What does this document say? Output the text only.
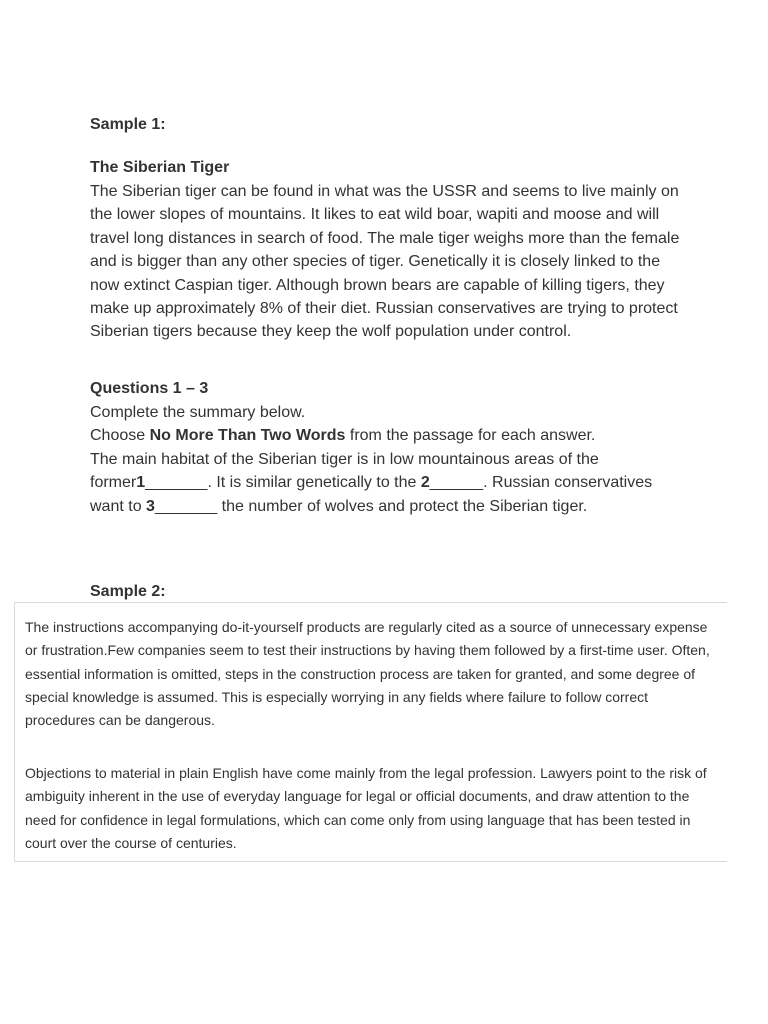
Sample 1:
The Siberian Tiger

The Siberian tiger can be found in what was the USSR and seems to live mainly on the lower slopes of mountains. It likes to eat wild boar, wapiti and moose and will travel long distances in search of food. The male tiger weighs more than the female and is bigger than any other species of tiger. Genetically it is closely linked to the now extinct Caspian tiger. Although brown bears are capable of killing tigers, they make up approximately 8% of their diet. Russian conservatives are trying to protect Siberian tigers because they keep the wolf population under control.

Questions 1 – 3

Complete the summary below.

Choose No More Than Two Words from the passage for each answer.

The main habitat of the Siberian tiger is in low mountainous areas of the former1_______. It is similar genetically to the 2______. Russian conservatives want to 3_______ the number of wolves and protect the Siberian tiger.

Sample 2:

The instructions accompanying do-it-yourself products are regularly cited as a source of unnecessary expense or frustration.Few companies seem to test their instructions by having them followed by a first-time user. Often, essential information is omitted, steps in the construction process are taken for granted, and some degree of special knowledge is assumed. This is especially worrying in any fields where failure to follow correct procedures can be dangerous.

Objections to material in plain English have come mainly from the legal profession. Lawyers point to the risk of ambiguity inherent in the use of everyday language for legal or official documents, and draw attention to the need for confidence in legal formulations, which can come only from using language that has been tested in court over the course of centuries.
